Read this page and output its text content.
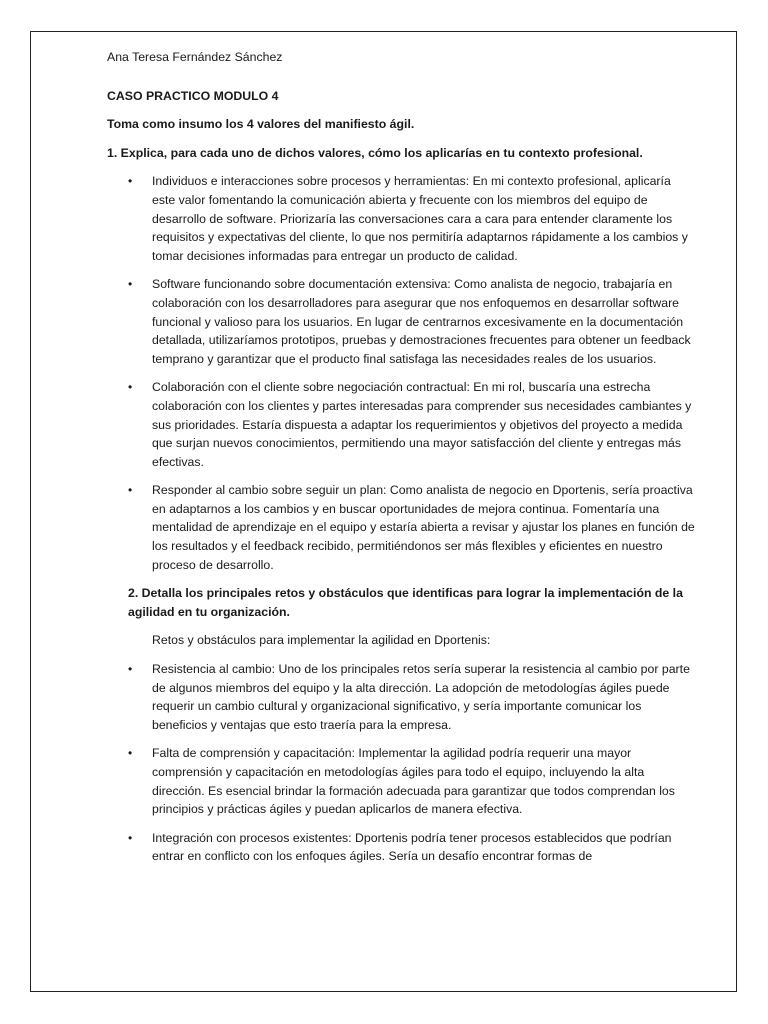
Ana Teresa Fernández Sánchez

CASO PRACTICO MODULO 4

Toma como insumo los 4 valores del manifiesto ágil.

1. Explica, para cada uno de dichos valores, cómo los aplicarías en tu contexto profesional.

• Individuos e interacciones sobre procesos y herramientas: En mi contexto profesional, aplicaría este valor fomentando la comunicación abierta y frecuente con los miembros del equipo de desarrollo de software. Priorizaría las conversaciones cara a cara para entender claramente los requisitos y expectativas del cliente, lo que nos permitiría adaptarnos rápidamente a los cambios y tomar decisiones informadas para entregar un producto de calidad.
• Software funcionando sobre documentación extensiva: Como analista de negocio, trabajaría en colaboración con los desarrolladores para asegurar que nos enfoquemos en desarrollar software funcional y valioso para los usuarios. En lugar de centrarnos excesivamente en la documentación detallada, utilizaríamos prototipos, pruebas y demostraciones frecuentes para obtener un feedback temprano y garantizar que el producto final satisfaga las necesidades reales de los usuarios.
• Colaboración con el cliente sobre negociación contractual: En mi rol, buscaría una estrecha colaboración con los clientes y partes interesadas para comprender sus necesidades cambiantes y sus prioridades. Estaría dispuesta a adaptar los requerimientos y objetivos del proyecto a medida que surjan nuevos conocimientos, permitiendo una mayor satisfacción del cliente y entregas más efectivas.
• Responder al cambio sobre seguir un plan: Como analista de negocio en Dportenis, sería proactiva en adaptarnos a los cambios y en buscar oportunidades de mejora continua. Fomentaría una mentalidad de aprendizaje en el equipo y estaría abierta a revisar y ajustar los planes en función de los resultados y el feedback recibido, permitiéndonos ser más flexibles y eficientes en nuestro proceso de desarrollo.

2. Detalla los principales retos y obstáculos que identificas para lograr la implementación de la agilidad en tu organización.

Retos y obstáculos para implementar la agilidad en Dportenis:

• Resistencia al cambio: Uno de los principales retos sería superar la resistencia al cambio por parte de algunos miembros del equipo y la alta dirección. La adopción de metodologías ágiles puede requerir un cambio cultural y organizacional significativo, y sería importante comunicar los beneficios y ventajas que esto traería para la empresa.
• Falta de comprensión y capacitación: Implementar la agilidad podría requerir una mayor comprensión y capacitación en metodologías ágiles para todo el equipo, incluyendo la alta dirección. Es esencial brindar la formación adecuada para garantizar que todos comprendan los principios y prácticas ágiles y puedan aplicarlos de manera efectiva.
• Integración con procesos existentes: Dportenis podría tener procesos establecidos que podrían entrar en conflicto con los enfoques ágiles. Sería un desafío encontrar formas de
